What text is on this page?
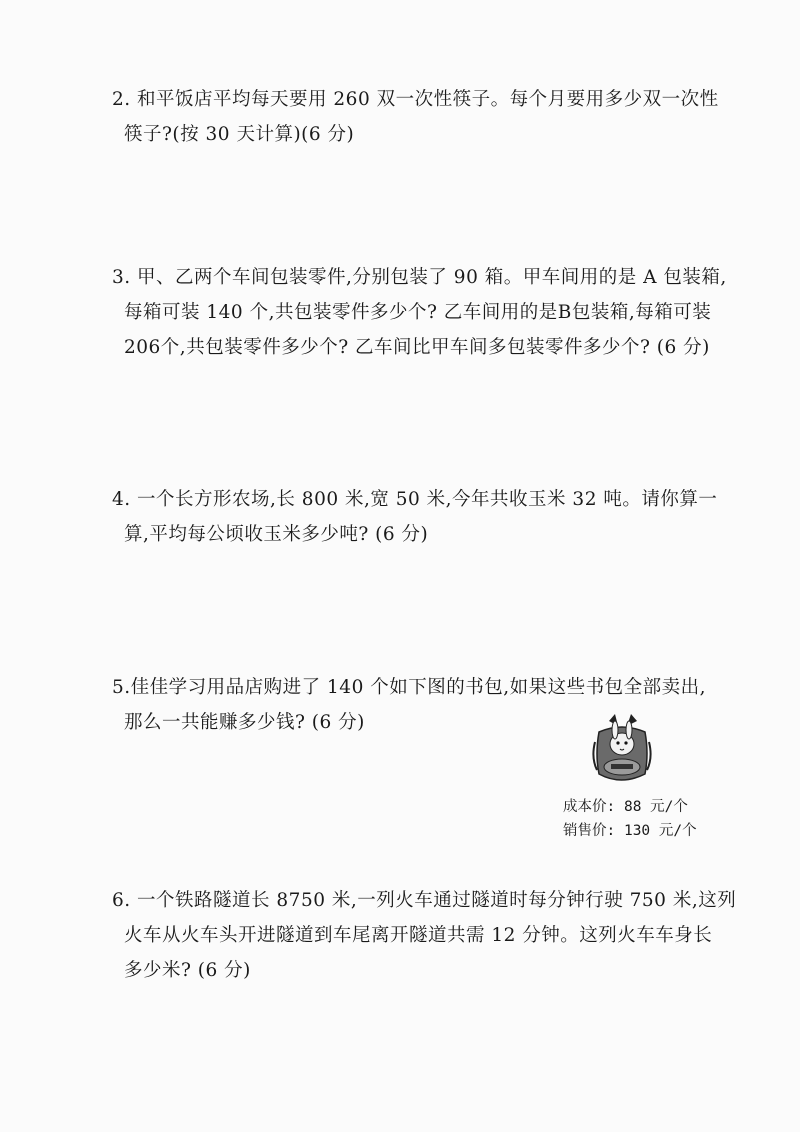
2. 和平饭店平均每天要用 260 双一次性筷子。每个月要用多少双一次性
筷子?(按 30 天计算)(6 分)
3. 甲、乙两个车间包装零件,分别包装了 90 箱。甲车间用的是 A 包装箱,
每箱可装 140 个,共包装零件多少个? 乙车间用的是B包装箱,每箱可装
206个,共包装零件多少个? 乙车间比甲车间多包装零件多少个? (6 分)
4. 一个长方形农场,长 800 米,宽 50 米,今年共收玉米 32 吨。请你算一
算,平均每公顷收玉米多少吨? (6 分)
5.佳佳学习用品店购进了 140 个如下图的书包,如果这些书包全部卖出,
那么一共能赚多少钱? (6 分)
成本价: 88 元/个
销售价: 130 元/个
6. 一个铁路隧道长 8750 米,一列火车通过隧道时每分钟行驶 750 米,这列
火车从火车头开进隧道到车尾离开隧道共需 12 分钟。这列火车车身长
多少米? (6 分)
